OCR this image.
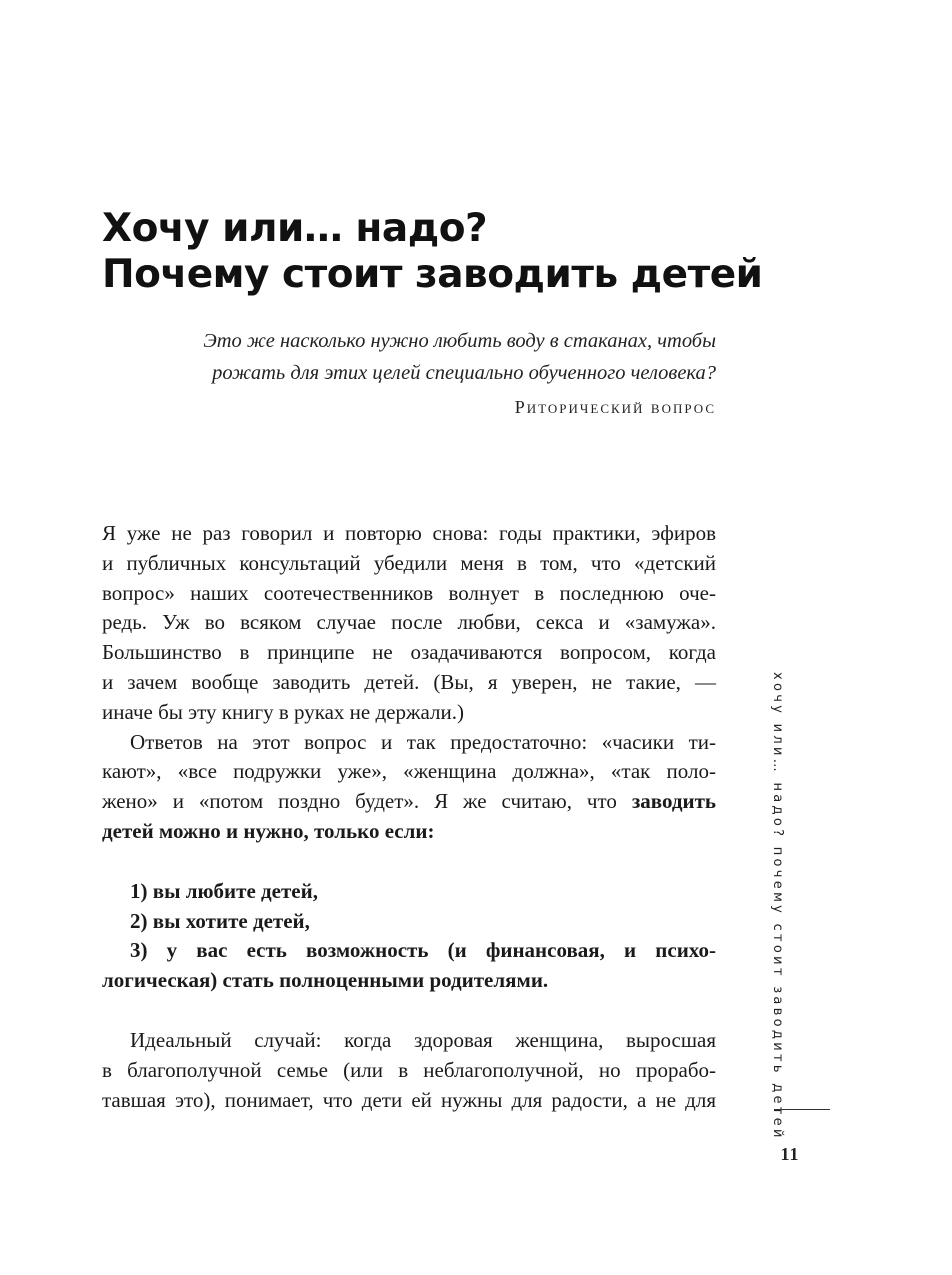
Хочу или… надо?
Почему стоит заводить детей
Это же насколько нужно любить воду в стаканах, чтобы
рожать для этих целей специально обученного человека?
Риторический вопрос

Я уже не раз говорил и повторю снова: годы практики, эфиров
и публичных консультаций убедили меня в том, что «детский
вопрос» наших соотечественников волнует в последнюю оче-
редь. Уж во всяком случае после любви, секса и «замужа».
Большинство в принципе не озадачиваются вопросом, когда
и зачем вообще заводить детей. (Вы, я уверен, не такие, —
иначе бы эту книгу в руках не держали.)

Ответов на этот вопрос и так предостаточно: «часики ти-
кают», «все подружки уже», «женщина должна», «так поло-
жено» и «потом поздно будет». Я же считаю, что заводить
детей можно и нужно, только если:

1) вы любите детей,
2) вы хотите детей,
3) у вас есть возможность (и финансовая, и психо-
логическая) стать полноценными родителями.

Идеальный случай: когда здоровая женщина, выросшая
в благополучной семье (или в неблагополучной, но прорабо-
тавшая это), понимает, что дети ей нужны для радости, а не для	хочу или… надо? почему стоит заводить детей
11
